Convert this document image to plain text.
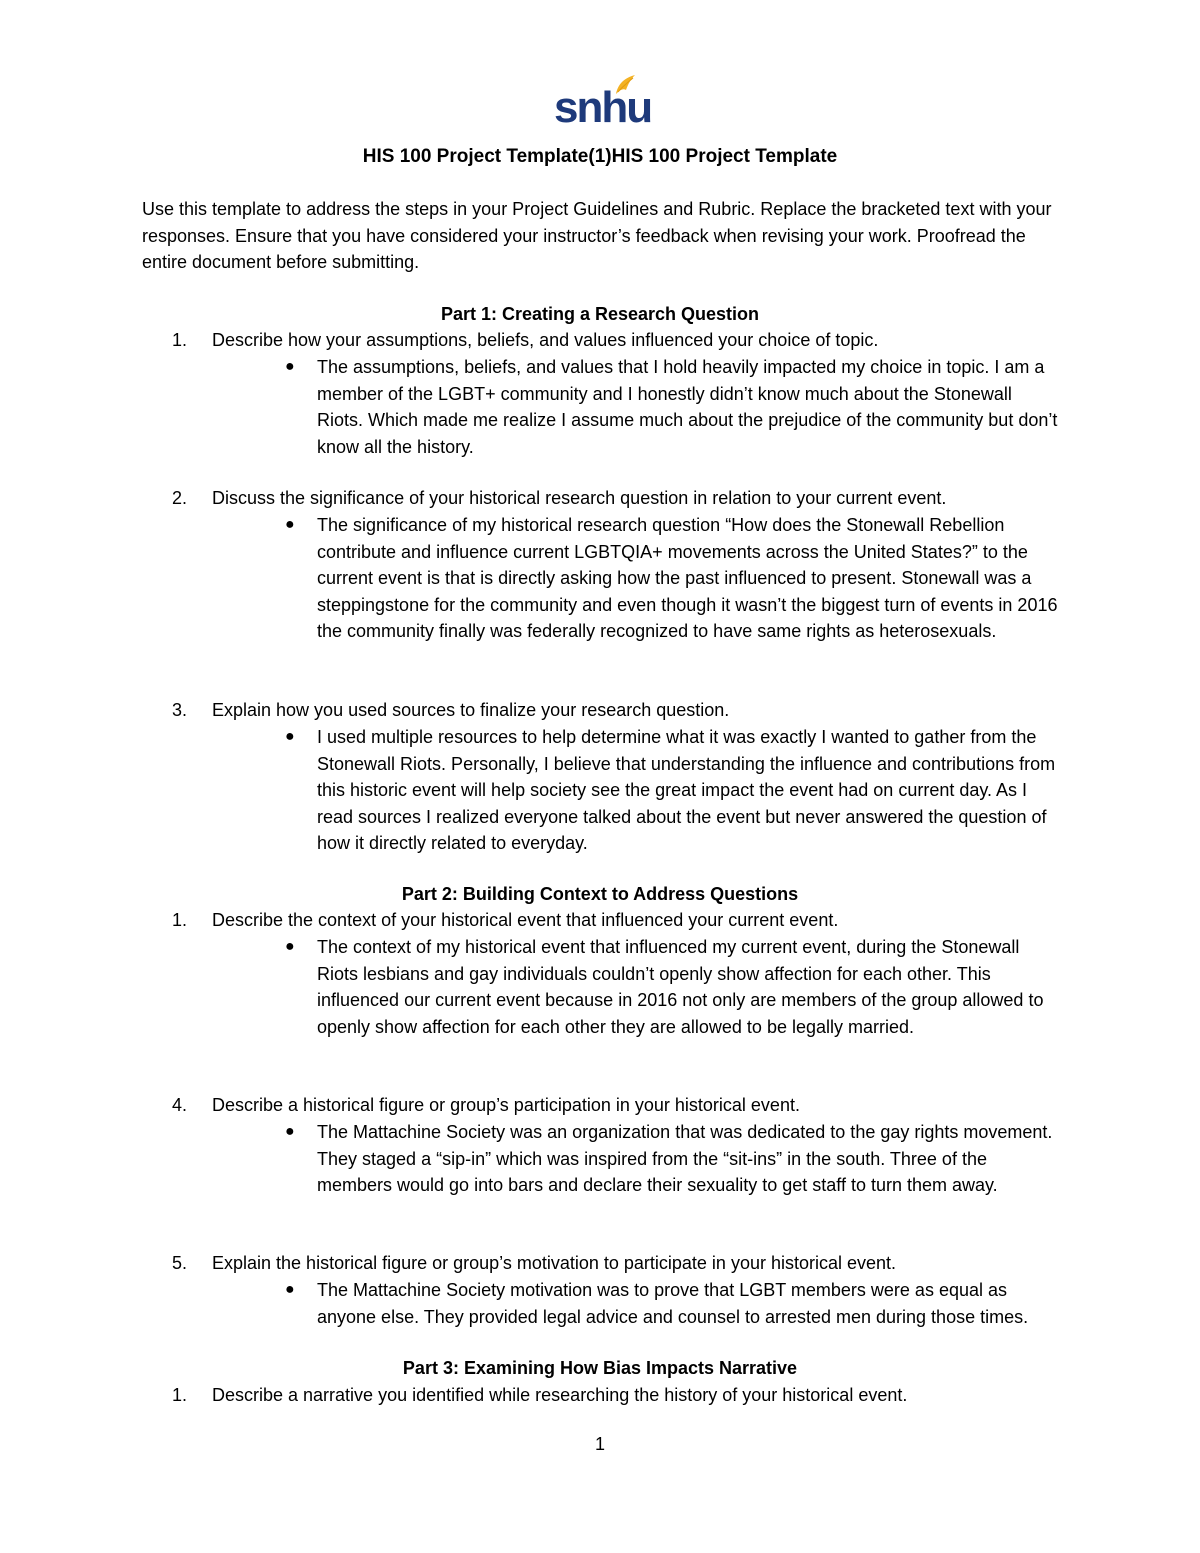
snhu
HIS 100 Project Template(1)HIS 100 Project Template
Use this template to address the steps in your Project Guidelines and Rubric. Replace the bracketed text with your responses. Ensure that you have considered your instructor’s feedback when revising your work. Proofread the entire document before submitting.
Part 1: Creating a Research Question
1. Describe how your assumptions, beliefs, and values influenced your choice of topic.
● The assumptions, beliefs, and values that I hold heavily impacted my choice in topic. I am a member of the LGBT+ community and I honestly didn’t know much about the Stonewall Riots. Which made me realize I assume much about the prejudice of the community but don’t know all the history.
2. Discuss the significance of your historical research question in relation to your current event.
● The significance of my historical research question “How does the Stonewall Rebellion contribute and influence current LGBTQIA+ movements across the United States?” to the current event is that is directly asking how the past influenced to present. Stonewall was a steppingstone for the community and even though it wasn’t the biggest turn of events in 2016 the community finally was federally recognized to have same rights as heterosexuals.
3. Explain how you used sources to finalize your research question.
● I used multiple resources to help determine what it was exactly I wanted to gather from the Stonewall Riots. Personally, I believe that understanding the influence and contributions from this historic event will help society see the great impact the event had on current day. As I read sources I realized everyone talked about the event but never answered the question of how it directly related to everyday.
Part 2: Building Context to Address Questions
1. Describe the context of your historical event that influenced your current event.
● The context of my historical event that influenced my current event, during the Stonewall Riots lesbians and gay individuals couldn’t openly show affection for each other. This influenced our current event because in 2016 not only are members of the group allowed to openly show affection for each other they are allowed to be legally married.
4. Describe a historical figure or group’s participation in your historical event.
● The Mattachine Society was an organization that was dedicated to the gay rights movement. They staged a “sip-in” which was inspired from the “sit-ins” in the south. Three of the members would go into bars and declare their sexuality to get staff to turn them away.
5. Explain the historical figure or group’s motivation to participate in your historical event.
● The Mattachine Society motivation was to prove that LGBT members were as equal as anyone else. They provided legal advice and counsel to arrested men during those times.
Part 3: Examining How Bias Impacts Narrative
1. Describe a narrative you identified while researching the history of your historical event.
1
